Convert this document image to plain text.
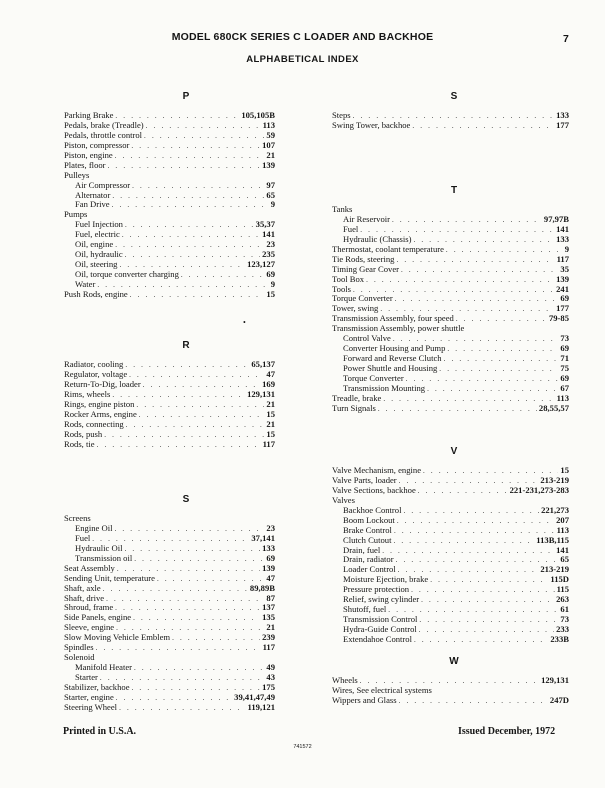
MODEL 680CK SERIES C LOADER AND BACKHOE	7
ALPHABETICAL INDEX
P
Parking Brake . . .	105,105B
Pedals, brake (Treadle) . . .	113
Pedals, throttle control . . .	59
Piston, compressor . . .	107
Piston, engine . . .	21
Plates, floor . . .	139
Pulleys
Air Compressor . . .	97
Alternator . . .	65
Fan Drive . . .	9
Pumps
Fuel Injection . . .	35,37
Fuel, electric . . .	141
Oil, engine . . .	23
Oil, hydraulic . . .	235
Oil, steering . . .	123,127
Oil, torque converter charging . . .	69
Water . . .	9
Push Rods, engine . . .	15
•
R
Radiator, cooling . . .	65,137
Regulator, voltage . . .	47
Return-To-Dig, loader . . .	169
Rims, wheels . . .	129,131
Rings, engine piston . . .	21
Rocker Arms, engine . . .	15
Rods, connecting . . .	21
Rods, push . . .	15
Rods, tie . . .	117
S
Screens
Engine Oil . . .	23
Fuel . . .	37,141
Hydraulic Oil . . .	133
Transmission oil . . .	69
Seat Assembly . . .	139
Sending Unit, temperature . . .	47
Shaft, axle . . .	89,89B
Shaft, drive . . .	87
Shroud, frame . . .	137
Side Panels, engine . . .	135
Sleeve, engine . . .	21
Slow Moving Vehicle Emblem . . .	239
Spindles . . .	117
Solenoid
Manifold Heater . . .	49
Starter . . .	43
Stabilizer, backhoe . . .	175
Starter, engine . . .	39,41,47,49
Steering Wheel . . .	119,121
S
Steps . . .	133
Swing Tower, backhoe . . .	177
T
Tanks
Air Reservoir . . .	97,97B
Fuel . . .	141
Hydraulic (Chassis) . . .	133
Thermostat, coolant temperature . . .	9
Tie Rods, steering . . .	117
Timing Gear Cover . . .	35
Tool Box . . .	139
Tools . . .	241
Torque Converter . . .	69
Tower, swing . . .	177
Transmission Assembly, four speed . . .	79-85
Transmission Assembly, power shuttle
Control Valve . . .	73
Converter Housing and Pump . . .	69
Forward and Reverse Clutch . . .	71
Power Shuttle and Housing . . .	75
Torque Converter . . .	69
Transmission Mounting . . .	67
Treadle, brake . . .	113
Turn Signals . . .	28,55,57
V
Valve Mechanism, engine . . .	15
Valve Parts, loader . . .	213-219
Valve Sections, backhoe . . .	221-231,273-283
Valves
Backhoe Control . . .	221,273
Boom Lockout . . .	207
Brake Control . . .	113
Clutch Cutout . . .	113B,115
Drain, fuel . . .	141
Drain, radiator . . .	65
Loader Control . . .	213-219
Moisture Ejection, brake . . .	115D
Pressure protection . . .	115
Relief, swing cylinder . . .	263
Shutoff, fuel . . .	61
Transmission Control . . .	73
Hydra-Guide Control . . .	233
Extendahoe Control . . .	233B
W
Wheels . . .	129,131
Wires, See electrical systems
Wippers and Glass . . .	247D
Printed in U.S.A.	Issued December, 1972
741572
